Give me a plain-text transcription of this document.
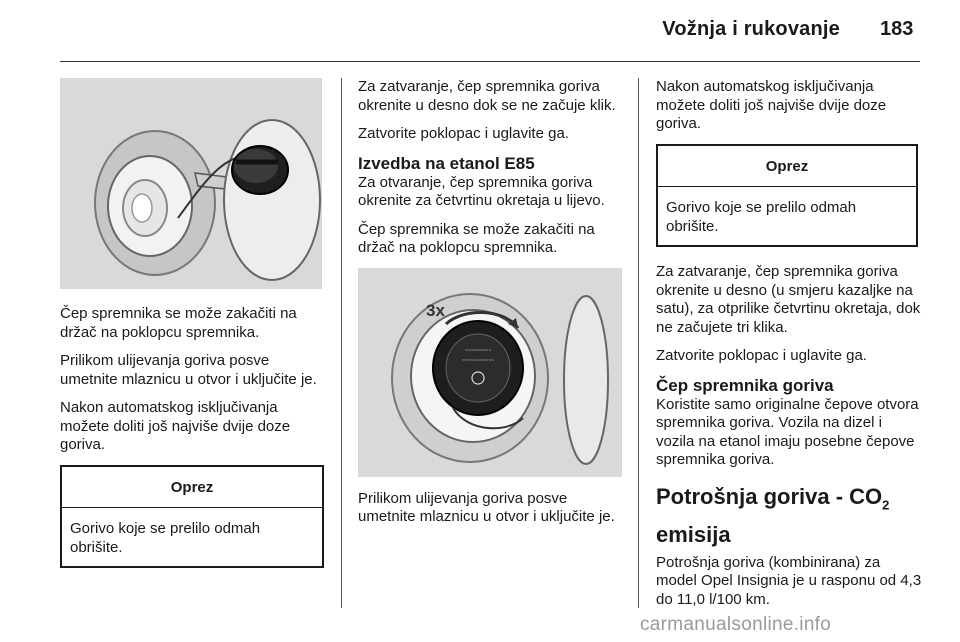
Vožnja i rukovanje 183

Čep spremnika se može zakačiti na držač na poklopcu spremnika.

Prilikom ulijevanja goriva posve umetnite mlaznicu u otvor i uključite je.

Nakon automatskog isključivanja možete doliti još najviše dvije doze goriva.

Oprez
Gorivo koje se prelilo odmah obrišite.

Za zatvaranje, čep spremnika goriva okrenite u desno dok se ne začuje klik.

Zatvorite poklopac i uglavite ga.

Izvedba na etanol E85

Za otvaranje, čep spremnika goriva okrenite za četvrtinu okretaja u lijevo.

Čep spremnika se može zakačiti na držač na poklopcu spremnika.

~~~~~~~~~
~~~~~~~~~~~
3x

Prilikom ulijevanja goriva posve umetnite mlaznicu u otvor i uključite je.

Nakon automatskog isključivanja možete doliti još najviše dvije doze goriva.

Oprez
Gorivo koje se prelilo odmah obrišite.

Za zatvaranje, čep spremnika goriva okrenite u desno (u smjeru kazaljke na satu), za otprilike četvrtinu okretaja, dok ne začujete tri klika.

Zatvorite poklopac i uglavite ga.

Čep spremnika goriva

Koristite samo originalne čepove otvora spremnika goriva. Vozila na dizel i vozila na etanol imaju posebne čepove spremnika goriva.

Potrošnja goriva - $CO_2$
emisija

Potrošnja goriva (kombinirana) za model Opel Insignia je u rasponu od 4,3 do 11,0 l/100 km.

carmanualsonline.info
